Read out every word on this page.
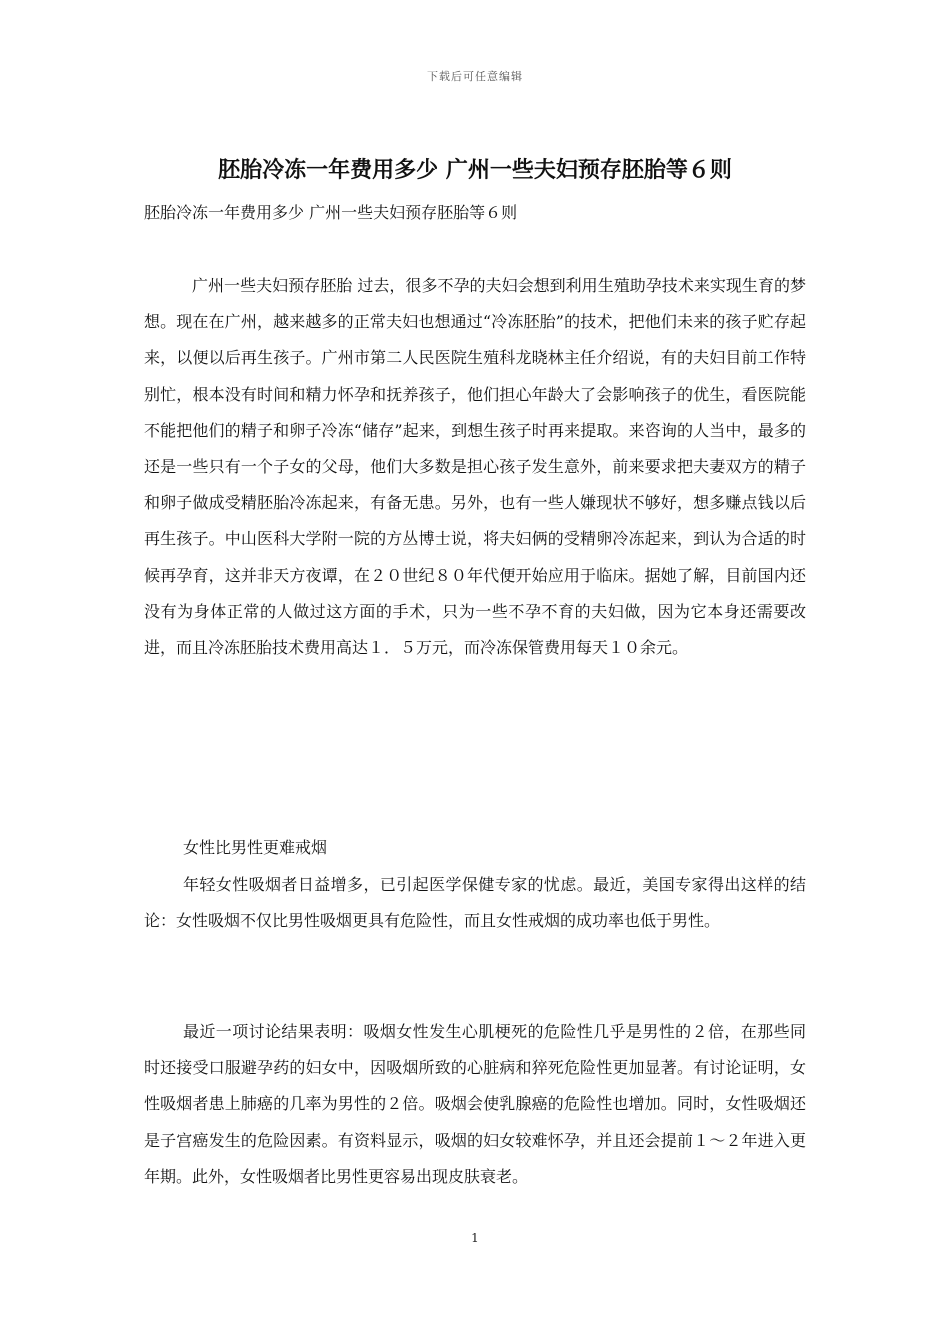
下载后可任意编辑
胚胎冷冻一年费用多少 广州一些夫妇预存胚胎等６则

胚胎冷冻一年费用多少 广州一些夫妇预存胚胎等６则

广州一些夫妇预存胚胎 过去，很多不孕的夫妇会想到利用生殖助孕技术来实现生育的梦想。现在在广州，越来越多的正常夫妇也想通过“冷冻胚胎”的技术，把他们未来的孩子贮存起来，以便以后再生孩子。广州市第二人民医院生殖科龙晓林主任介绍说，有的夫妇目前工作特别忙，根本没有时间和精力怀孕和抚养孩子，他们担心年龄大了会影响孩子的优生，看医院能不能把他们的精子和卵子冷冻“储存”起来，到想生孩子时再来提取。来咨询的人当中，最多的还是一些只有一个子女的父母，他们大多数是担心孩子发生意外，前来要求把夫妻双方的精子和卵子做成受精胚胎冷冻起来，有备无患。另外，也有一些人嫌现状不够好，想多赚点钱以后再生孩子。中山医科大学附一院的方丛博士说，将夫妇俩的受精卵冷冻起来，到认为合适的时候再孕育，这并非天方夜谭，在２０世纪８０年代便开始应用于临床。据她了解，目前国内还没有为身体正常的人做过这方面的手术，只为一些不孕不育的夫妇做，因为它本身还需要改进，而且冷冻胚胎技术费用高达１．５万元，而冷冻保管费用每天１０余元。

女性比男性更难戒烟

年轻女性吸烟者日益增多，已引起医学保健专家的忧虑。最近，美国专家得出这样的结论：女性吸烟不仅比男性吸烟更具有危险性，而且女性戒烟的成功率也低于男性。

最近一项讨论结果表明：吸烟女性发生心肌梗死的危险性几乎是男性的２倍，在那些同时还接受口服避孕药的妇女中，因吸烟所致的心脏病和猝死危险性更加显著。有讨论证明，女性吸烟者患上肺癌的几率为男性的２倍。吸烟会使乳腺癌的危险性也增加。同时，女性吸烟还是子宫癌发生的危险因素。有资料显示，吸烟的妇女较难怀孕，并且还会提前１～２年进入更年期。此外，女性吸烟者比男性更容易出现皮肤衰老。

1
